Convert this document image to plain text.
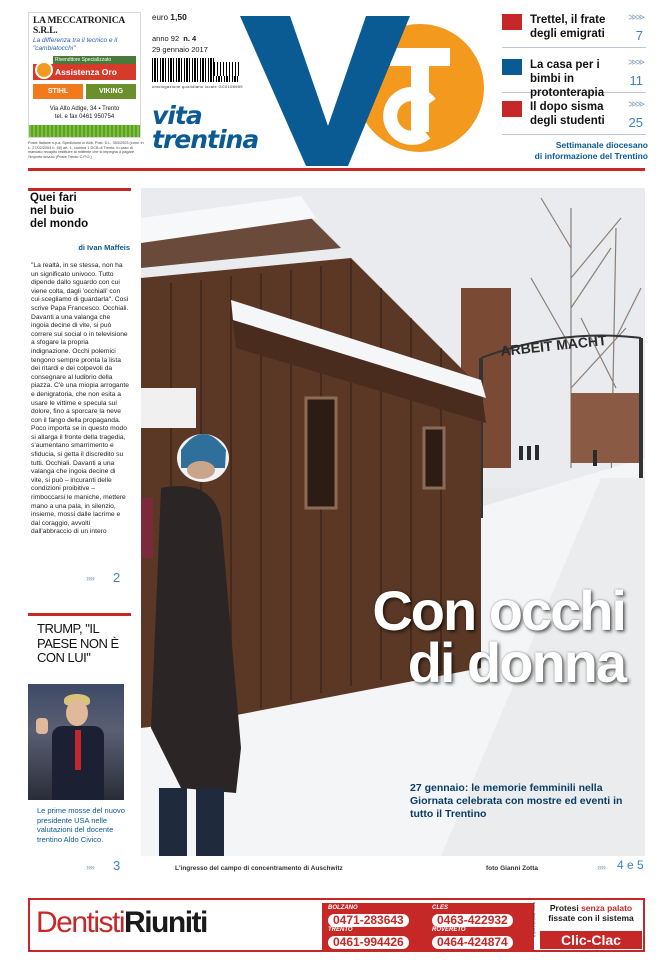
LA MECCATRONICA S.R.L.
La differenza tra il tecnico e il "cambiatocchi"
Rivenditore Specializzato
Assistenza Oro
STIHL	VIKING
Via Alto Adige, 34 ▪ Trento
tel. e fax 0461 950754
Poste Italiane s.p.a. Spedizione in Abb. Post. D.L. 353/2003 (conv. in L. 27/02/2004 n. 46) art. 1, comma 1 DCB di Trento. In caso di mancato recapito restituire al mittente che si impegna a pagare l'importo dovuto (Poste Trento C.P.O.)
euro 1,50
anno 92 n. 4
29 gennaio 2017
omologazione quotidiano locale GC0108989
vita
trentina
Trettel, il frate degli emigrati
≫≫
7
La casa per i bimbi in protonterapia
≫≫
11
Il dopo sisma degli studenti
≫≫
25
Settimanale diocesano
di informazione del Trentino
Quei fari nel buio del mondo
di Ivan Maffeis
"La realtà, in se stessa, non ha un significato univoco. Tutto dipende dallo sguardo con cui viene colta, dagli 'occhiali' con cui scegliamo di guardarla". Così scrive Papa Francesco. Occhiali. Davanti a una valanga che ingoia decine di vite, si può correre sui social o in televisione a sfogare la propria indignazione. Occhi polemici tengono sempre pronta la lista dei ritardi e dei colpevoli da consegnare al ludibrio della piazza. C'è una miopia arrogante e denigratoria, che non esita a usare le vittime e specula sul dolore, fino a sporcare la neve con il fango della propaganda. Poco importa se in questo modo si allarga il fronte della tragedia, s'aumentano smarrimento e sfiducia, si getta il discredito su tutti. Occhiali. Davanti a una valanga che ingoia decine di vite, si può – incuranti delle condizioni proibitive – rimboccarsi le maniche, mettere mano a una pala, in silenzio, insieme, mossi dalle lacrime e dal coraggio, avvolti dall'abbraccio di un intero
»» 2
TRUMP, "IL PAESE NON È CON LUI"
Le prime mosse del nuovo presidente USA nelle valutazioni del docente trentino Aldo Civico.
»» 3
ARBEIT MACHT
Con occhi
di donna
27 gennaio: le memorie femminili nella Giornata celebrata con mostre ed eventi in tutto il Trentino
»» 4 e 5
L'ingresso del campo di concentramento di Auschwitz	foto Gianni Zotta
DentistiRiuniti	BOLZANO
0471-283643
CLES
0463-422932
TRENTO
0461-994426
ROVERETO
0464-424874
www.dentistiriuniti.it	Protesi senza palato
fissate con il sistema
Clic-Clac
